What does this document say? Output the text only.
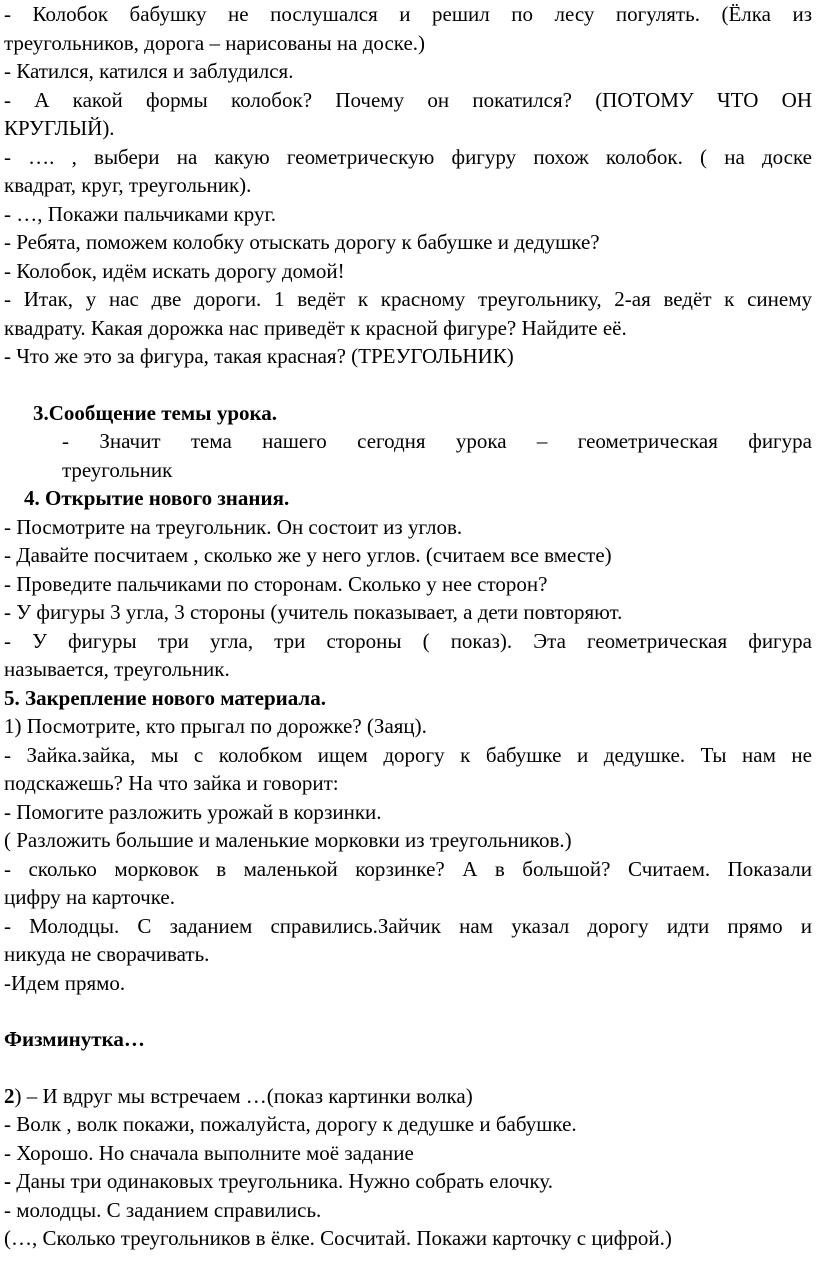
- Колобок бабушку не послушался и решил по лесу погулять. (Ёлка из

треугольников, дорога – нарисованы на доске.)

- Катился, катился и заблудился.

- А какой формы колобок? Почему он покатился? (ПОТОМУ ЧТО ОН

КРУГЛЫЙ).

- …. , выбери на какую геометрическую фигуру похож колобок. ( на доске

квадрат, круг, треугольник).

- …, Покажи пальчиками круг.

- Ребята, поможем колобку отыскать дорогу к бабушке и дедушке?

- Колобок, идём искать дорогу домой!

- Итак, у нас две дороги. 1 ведёт к красному треугольнику, 2-ая ведёт к синему

квадрату. Какая дорожка нас приведёт к красной фигуре? Найдите её.

- Что же это за фигура, такая красная? (ТРЕУГОЛЬНИК)

3.Сообщение темы урока.

- Значит тема нашего сегодня урока – геометрическая фигура

треугольник

4. Открытие нового знания.

- Посмотрите на треугольник. Он состоит из углов.

- Давайте посчитаем , сколько же у него углов. (считаем все вместе)

- Проведите пальчиками по сторонам. Сколько у нее сторон?

- У фигуры 3 угла, 3 стороны (учитель показывает, а дети повторяют.

- У фигуры три угла, три стороны ( показ). Эта геометрическая фигура

называется, треугольник.

5. Закрепление нового материала.

1) Посмотрите, кто прыгал по дорожке? (Заяц).

- Зайка.зайка, мы с колобком ищем дорогу к бабушке и дедушке. Ты нам не

подскажешь? На что зайка и говорит:

- Помогите разложить урожай в корзинки.

( Разложить большие и маленькие морковки из треугольников.)

- сколько морковок в маленькой корзинке? А в большой? Считаем. Показали

цифру на карточке.

- Молодцы. С заданием справились.Зайчик нам указал дорогу идти прямо и

никуда не сворачивать.

-Идем прямо.

Физминутка…

2) – И вдруг мы встречаем …(показ картинки волка)

- Волк , волк покажи, пожалуйста, дорогу к дедушке и бабушке.

- Хорошо. Но сначала выполните моё задание

- Даны три одинаковых треугольника. Нужно собрать елочку.

- молодцы. С заданием справились.

(…, Сколько треугольников в ёлке. Сосчитай. Покажи карточку с цифрой.)
